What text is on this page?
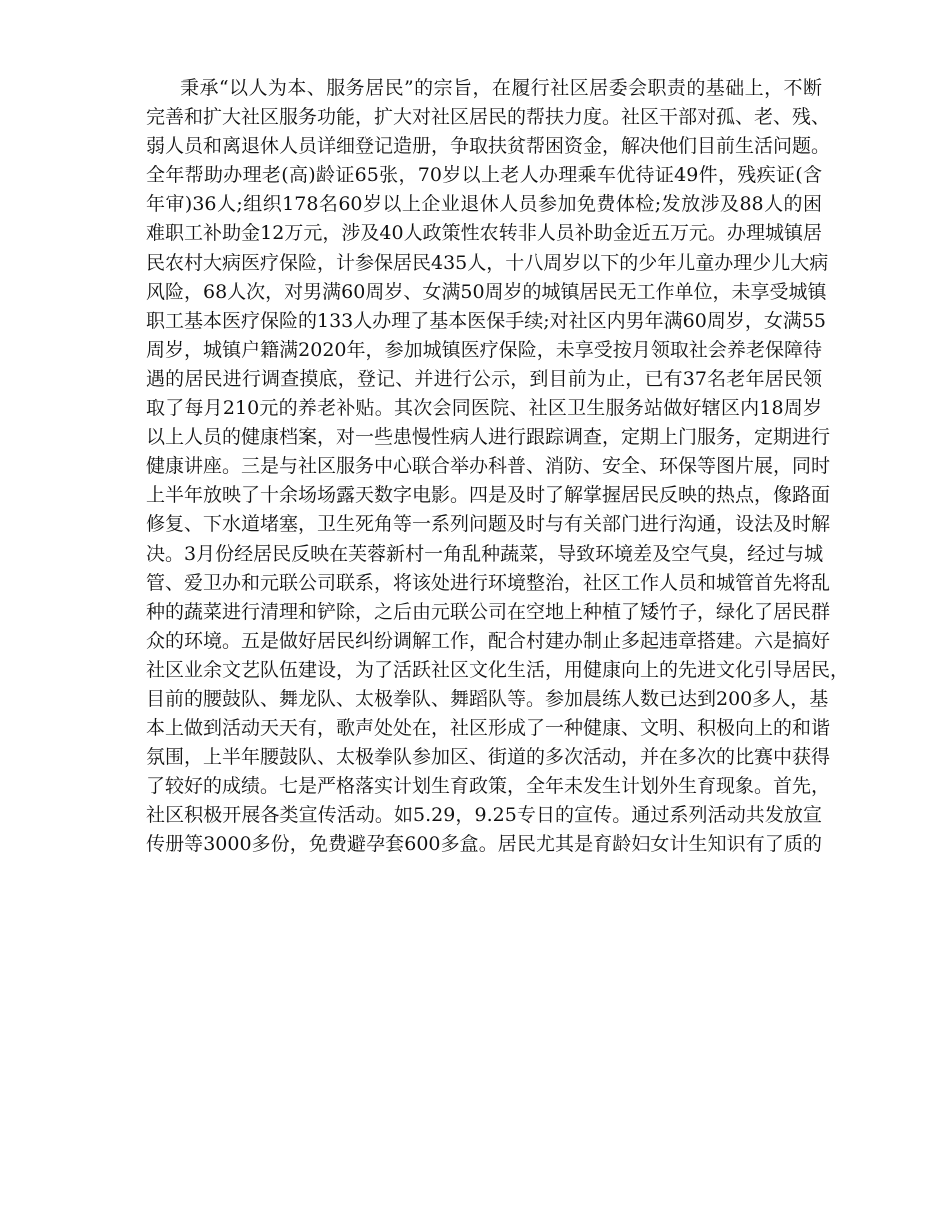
秉承“以人为本、服务居民”的宗旨，在履行社区居委会职责的基础上，不断
完善和扩大社区服务功能，扩大对社区居民的帮扶力度。社区干部对孤、老、残、
弱人员和离退休人员详细登记造册，争取扶贫帮困资金，解决他们目前生活问题。
全年帮助办理老(高)龄证65张，70岁以上老人办理乘车优待证49件，残疾证(含
年审)36人;组织178名60岁以上企业退休人员参加免费体检;发放涉及88人的困
难职工补助金12万元，涉及40人政策性农转非人员补助金近五万元。办理城镇居
民农村大病医疗保险，计参保居民435人，十八周岁以下的少年儿童办理少儿大病
风险，68人次，对男满60周岁、女满50周岁的城镇居民无工作单位，未享受城镇
职工基本医疗保险的133人办理了基本医保手续;对社区内男年满60周岁，女满55
周岁，城镇户籍满2020年，参加城镇医疗保险，未享受按月领取社会养老保障待
遇的居民进行调查摸底，登记、并进行公示，到目前为止，已有37名老年居民领
取了每月210元的养老补贴。其次会同医院、社区卫生服务站做好辖区内18周岁
以上人员的健康档案，对一些患慢性病人进行跟踪调查，定期上门服务，定期进行
健康讲座。三是与社区服务中心联合举办科普、消防、安全、环保等图片展，同时
上半年放映了十余场场露天数字电影。四是及时了解掌握居民反映的热点，像路面
修复、下水道堵塞，卫生死角等一系列问题及时与有关部门进行沟通，设法及时解
决。3月份经居民反映在芙蓉新村一角乱种蔬菜，导致环境差及空气臭，经过与城
管、爱卫办和元联公司联系，将该处进行环境整治，社区工作人员和城管首先将乱
种的蔬菜进行清理和铲除，之后由元联公司在空地上种植了矮竹子，绿化了居民群
众的环境。五是做好居民纠纷调解工作，配合村建办制止多起违章搭建。六是搞好
社区业余文艺队伍建设，为了活跃社区文化生活，用健康向上的先进文化引导居民，
目前的腰鼓队、舞龙队、太极拳队、舞蹈队等。参加晨练人数已达到200多人，基
本上做到活动天天有，歌声处处在，社区形成了一种健康、文明、积极向上的和谐
氛围，上半年腰鼓队、太极拳队参加区、街道的多次活动，并在多次的比赛中获得
了较好的成绩。七是严格落实计划生育政策，全年未发生计划外生育现象。首先，
社区积极开展各类宣传活动。如5.29，9.25专日的宣传。通过系列活动共发放宣
传册等3000多份，免费避孕套600多盒。居民尤其是育龄妇女计生知识有了质的
